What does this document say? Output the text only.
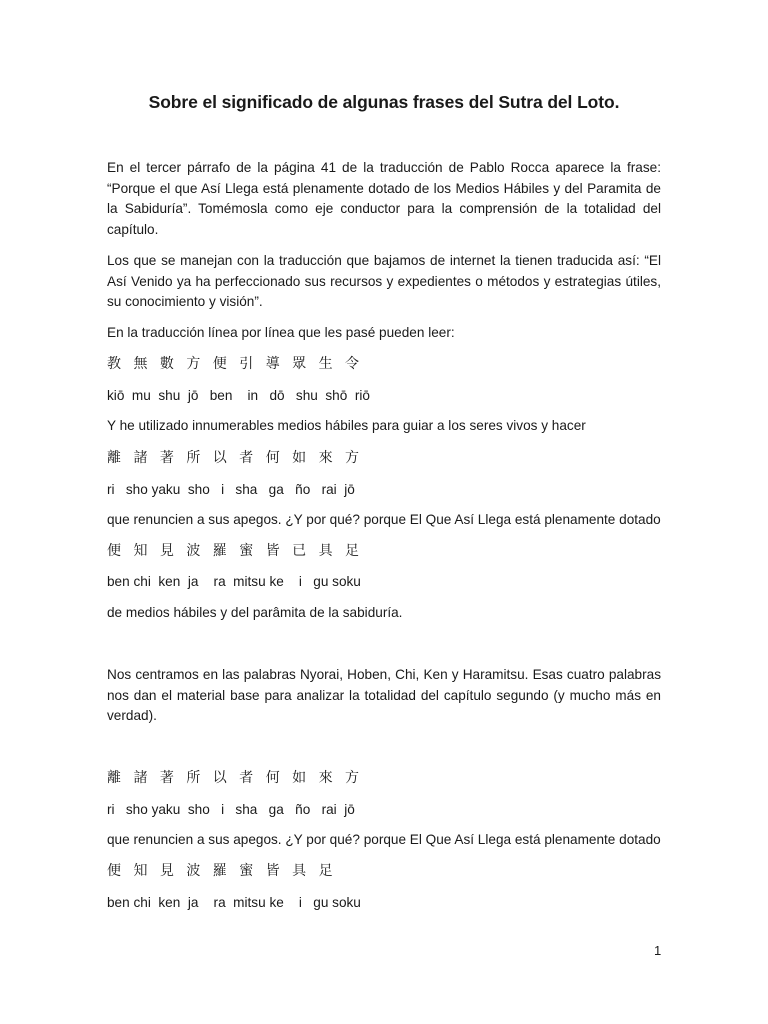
Sobre el significado de algunas frases del Sutra del Loto.
En el tercer párrafo de la página 41 de la traducción de Pablo Rocca aparece la frase: “Porque el que Así Llega está plenamente dotado de los Medios Hábiles y del Paramita de la Sabiduría”. Tomémosla como eje conductor para la comprensión de la totalidad del capítulo.
Los que se manejan con la traducción que bajamos de internet la tienen traducida así: “El Así Venido ya ha perfeccionado sus recursos y expedientes o métodos y estrategias útiles, su conocimiento y visión”.
En la traducción línea por línea que les pasé pueden leer:
教 無 數 方 便 引 導 眾 生 令
kiō  mu  shu  jō   ben    in   dō   shu  shō  riō
Y he utilizado innumerables medios hábiles para guiar a los seres vivos y hacer
離 諸 著 所 以 者 何 如 來 方
ri   sho yaku  sho   i   sha   ga   ño   rai  jō
que renuncien a sus apegos. ¿Y por qué? porque El Que Así Llega está plenamente dotado
便 知 見 波 羅 蜜 皆 已 具 足
ben chi  ken  ja    ra  mitsu ke    i   gu soku
de medios hábiles y del parâmita de la sabiduría.
Nos centramos en las palabras Nyorai, Hoben, Chi, Ken y Haramitsu. Esas cuatro palabras nos dan el material base para analizar la totalidad del capítulo segundo (y mucho más en verdad).
離 諸 著 所 以 者 何 如 來 方
ri   sho yaku  sho   i   sha   ga   ño   rai  jō
que renuncien a sus apegos. ¿Y por qué? porque El Que Así Llega está plenamente dotado
便 知 見 波 羅 蜜 皆 具 足
ben chi  ken  ja    ra  mitsu ke    i   gu soku
1
